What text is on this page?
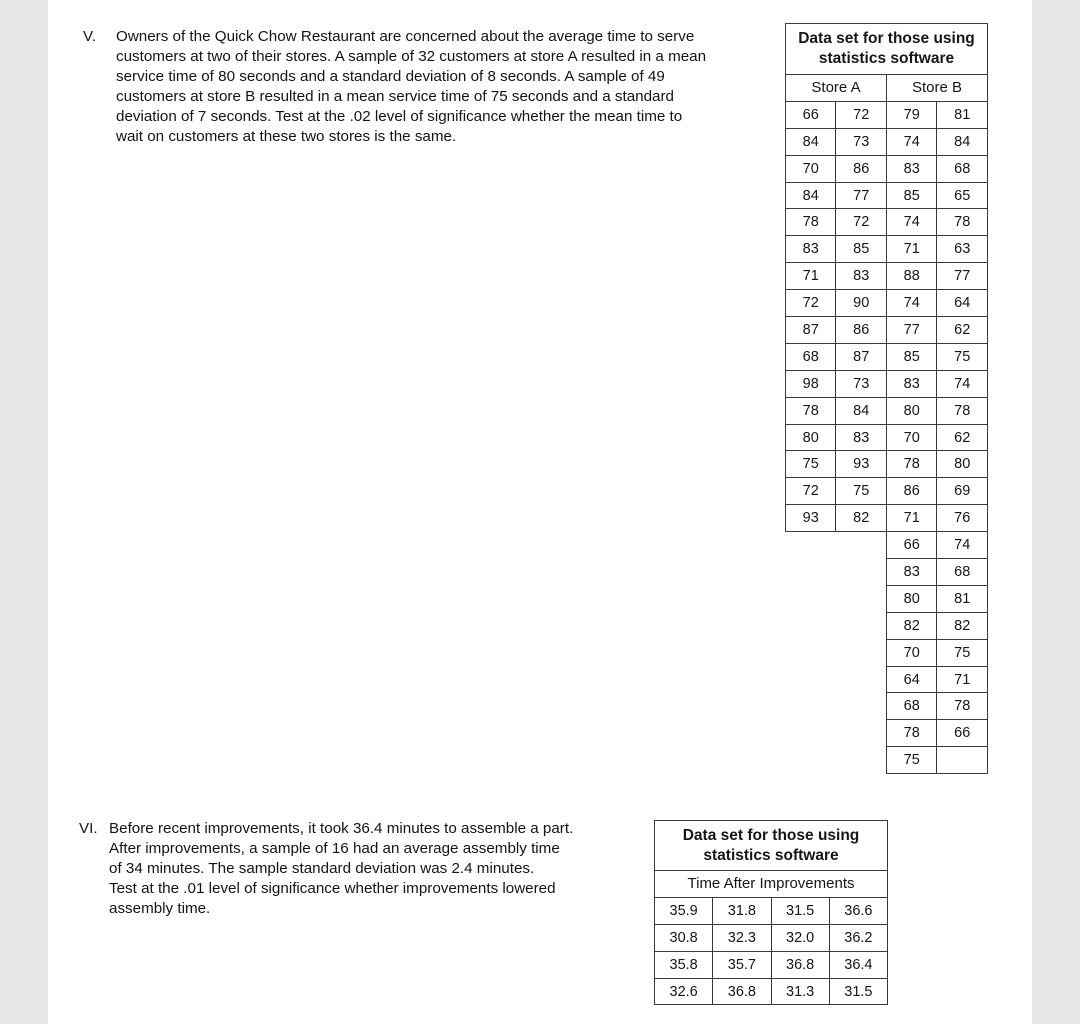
V. Owners of the Quick Chow Restaurant are concerned about the average time to serve
customers at two of their stores. A sample of 32 customers at store A resulted in a mean
service time of 80 seconds and a standard deviation of 8 seconds. A sample of 49
customers at store B resulted in a mean service time of 75 seconds and a standard
deviation of 7 seconds. Test at the .02 level of significance whether the mean time to
wait on customers at these two stores is the same.
Data set for those using
statistics software			
Store A		Store B	
66	72	79	81
84	73	74	84
70	86	83	68
84	77	85	65
78	72	74	78
83	85	71	63
71	83	88	77
72	90	74	64
87	86	77	62
68	87	85	75
98	73	83	74
78	84	80	78
80	83	70	62
75	93	78	80
72	75	86	69
93	82	71	76
		66	74
		83	68
		80	81
		82	82
		70	75
		64	71
		68	78
		78	66
		75	
VI. Before recent improvements, it took 36.4 minutes to assemble a part.
After improvements, a sample of 16 had an average assembly time
of 34 minutes. The sample standard deviation was 2.4 minutes.
Test at the .01 level of significance whether improvements lowered
assembly time.
Data set for those using
statistics software			
Time After Improvements			
35.9	31.8	31.5	36.6
30.8	32.3	32.0	36.2
35.8	35.7	36.8	36.4
32.6	36.8	31.3	31.5
